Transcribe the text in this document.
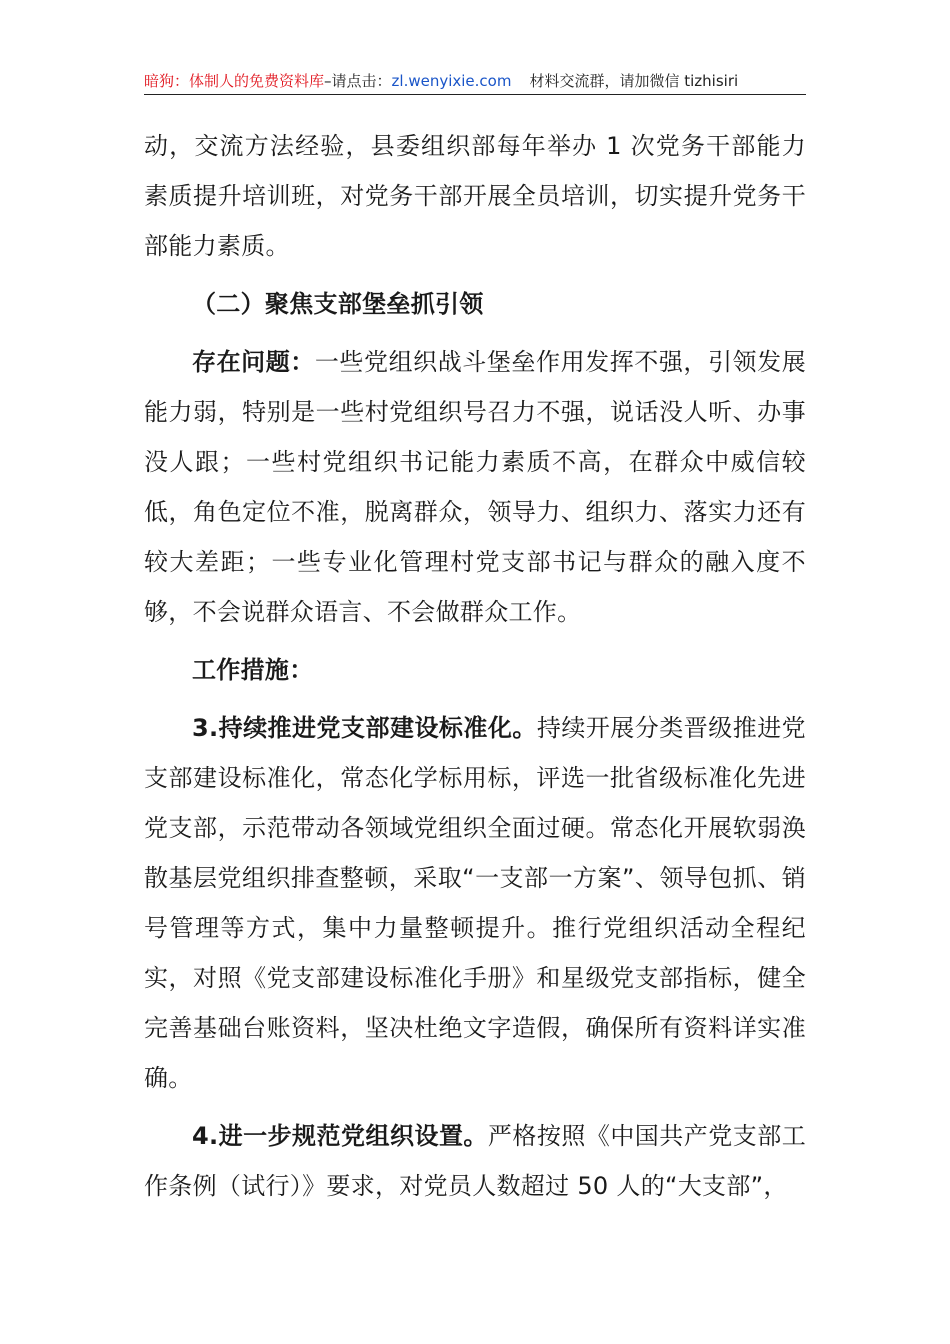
暗狗：体制人的免费资料库–请点击：zl.wenyixie.com 材料交流群，请加微信 tizhisiri

动，交流方法经验，县委组织部每年举办 1 次党务干部能力素质提升培训班，对党务干部开展全员培训，切实提升党务干部能力素质。

（二）聚焦支部堡垒抓引领

存在问题：一些党组织战斗堡垒作用发挥不强，引领发展能力弱，特别是一些村党组织号召力不强，说话没人听、办事没人跟；一些村党组织书记能力素质不高，在群众中威信较低，角色定位不准，脱离群众，领导力、组织力、落实力还有较大差距；一些专业化管理村党支部书记与群众的融入度不够，不会说群众语言、不会做群众工作。

工作措施：

3.持续推进党支部建设标准化。持续开展分类晋级推进党支部建设标准化，常态化学标用标，评选一批省级标准化先进党支部，示范带动各领域党组织全面过硬。常态化开展软弱涣散基层党组织排查整顿，采取“一支部一方案”、领导包抓、销号管理等方式，集中力量整顿提升。推行党组织活动全程纪实，对照《党支部建设标准化手册》和星级党支部指标，健全完善基础台账资料，坚决杜绝文字造假，确保所有资料详实准确。

4.进一步规范党组织设置。严格按照《中国共产党支部工作条例（试行）》要求，对党员人数超过 50 人的“大支部”，
